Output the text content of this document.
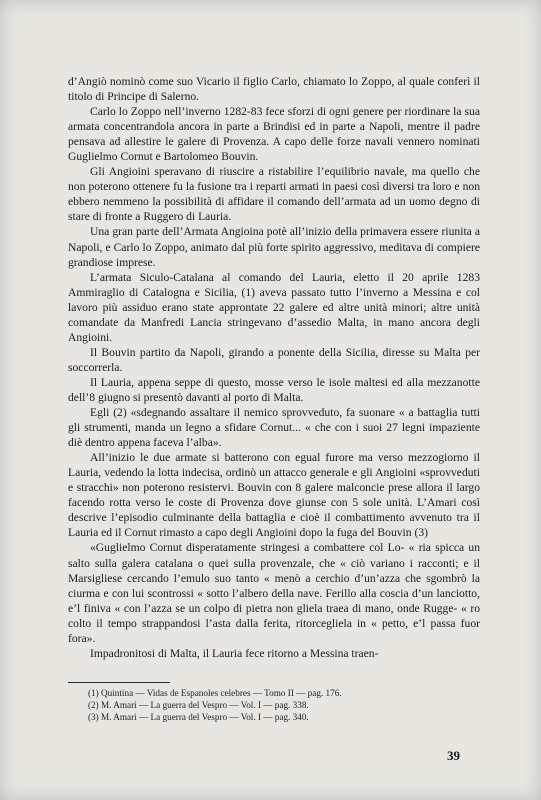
d’Angiò nominò come suo Vicario il figlio Carlo, chiamato lo Zoppo, al quale conferì il titolo di Principe di Salerno.

Carlo lo Zoppo nell’inverno 1282-83 fece sforzi di ogni genere per riordinare la sua armata concentrandola ancora in parte a Brindisi ed in parte a Napoli, mentre il padre pensava ad allestire le galere di Provenza. A capo delle forze navali vennero nominati Guglielmo Cornut e Bartolomeo Bouvin.

Gli Angioini speravano di riuscire a ristabilire l’equilibrio navale, ma quello che non poterono ottenere fu la fusione tra i reparti armati in paesi così diversi tra loro e non ebbero nemmeno la possibilità di affidare il comando dell’armata ad un uomo degno di stare di fronte a Ruggero di Lauria.

Una gran parte dell’Armata Angioina potè all’inizio della primavera essere riunita a Napoli, e Carlo lo Zoppo, animato dal più forte spirito aggressivo, meditava di compiere grandiose imprese.

L’armata Siculo-Catalana al comando del Lauria, eletto il 20 aprile 1283 Ammiraglio di Catalogna e Sicilia, (1) aveva passato tutto l’inverno a Messina e col lavoro più assiduo erano state approntate 22 galere ed altre unità minori; altre unità comandate da Manfredi Lancia stringevano d’assedio Malta, in mano ancora degli Angioini.

Il Bouvin partito da Napoli, girando a ponente della Sicilia, diresse su Malta per soccorrerla.

Il Lauria, appena seppe di questo, mosse verso le isole maltesi ed alla mezzanotte dell’8 giugno si presentò davanti al porto di Malta.

Egli (2) «sdegnando assaltare il nemico sprovveduto, fa suonare « a battaglia tutti gli strumenti, manda un legno a sfidare Cornut... « che con i suoi 27 legni impaziente diè dentro appena faceva l’alba».

All’inizio le due armate si batterono con egual furore ma verso mezzogiorno il Lauria, vedendo la lotta indecisa, ordinò un attacco generale e gli Angioini «sprovveduti e stracchi» non poterono resistervi. Bouvin con 8 galere malconcie prese allora il largo facendo rotta verso le coste di Provenza dove giunse con 5 sole unità. L’Amari così descrive l’episodio culminante della battaglia e cioè il combattimento avvenuto tra il Lauria ed il Cornut rimasto a capo degli Angioini dopo la fuga del Bouvin (3)

«Guglielmo Cornut disperatamente stringesi a combattere col Lo- « ria spicca un salto sulla galera catalana o quei sulla provenzale, che « ciò variano i racconti; e il Marsigliese cercando l’emulo suo tanto « menò a cerchio d’un’azza che sgombrò la ciurma e con lui scontrossi « sotto l’albero della nave. Ferillo alla coscia d’un lanciotto, e’l finiva « con l’azza se un colpo di pietra non gliela traea di mano, onde Rugge- « ro colto il tempo strappandosi l’asta dalla ferita, ritorcegliela in « petto, e’l passa fuor fora».

Impadronitosi di Malta, il Lauria fece ritorno a Messina traen-

(1) Quintina — Vidas de Espanoles celebres — Tomo II — pag. 176.
(2) M. Amari — La guerra del Vespro — Vol. I — pag. 338.
(3) M. Amari — La guerra del Vespro — Vol. I — pag. 340.
39
